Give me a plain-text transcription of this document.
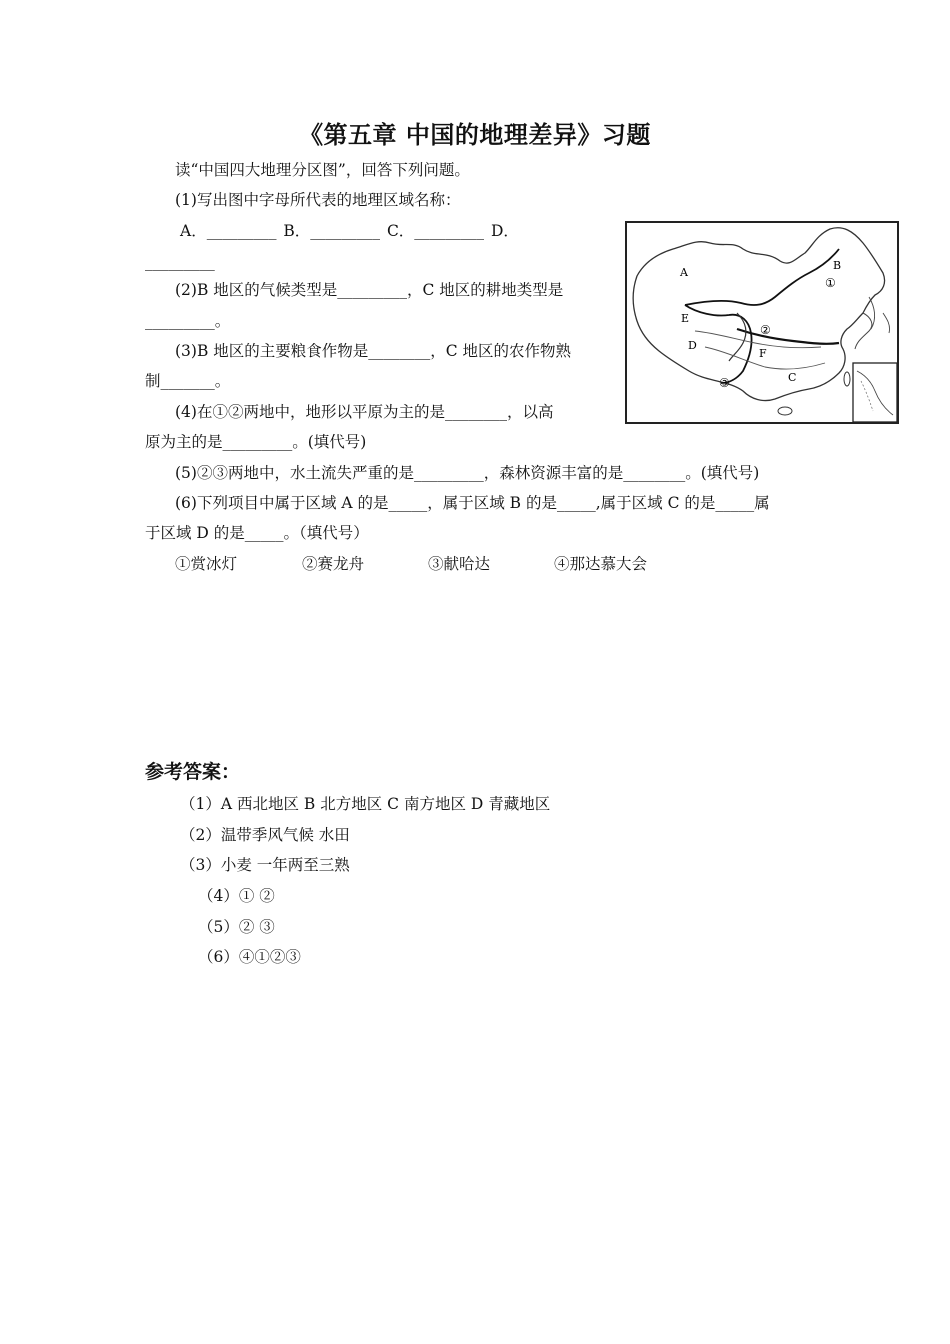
《第五章 中国的地理差异》习题
读“中国四大地理分区图”，回答下列问题。
(1)写出图中字母所代表的地理区域名称：
A．_________ B．_________ C．_________ D．
_________
(2)B 地区的气候类型是_________，C 地区的耕地类型是
_________。
(3)B 地区的主要粮食作物是________，C 地区的农作物熟
制_______。
(4)在①②两地中，地形以平原为主的是________，以高
原为主的是_________。(填代号)
(5)②③两地中，水土流失严重的是_________，森林资源丰富的是________。(填代号)
(6)下列项目中属于区域 A 的是_____，属于区域 B 的是_____,属于区域 C 的是_____属
于区域 D 的是_____。（填代号）
①赏冰灯	②赛龙舟	③献哈达	④那达慕大会
A
B
C
D
E
F
①
②
③
参考答案：
（1）A 西北地区 B 北方地区 C 南方地区 D 青藏地区
（2）温带季风气候 水田
（3）小麦 一年两至三熟
（4）① ②
（5）② ③
（6）④①②③
